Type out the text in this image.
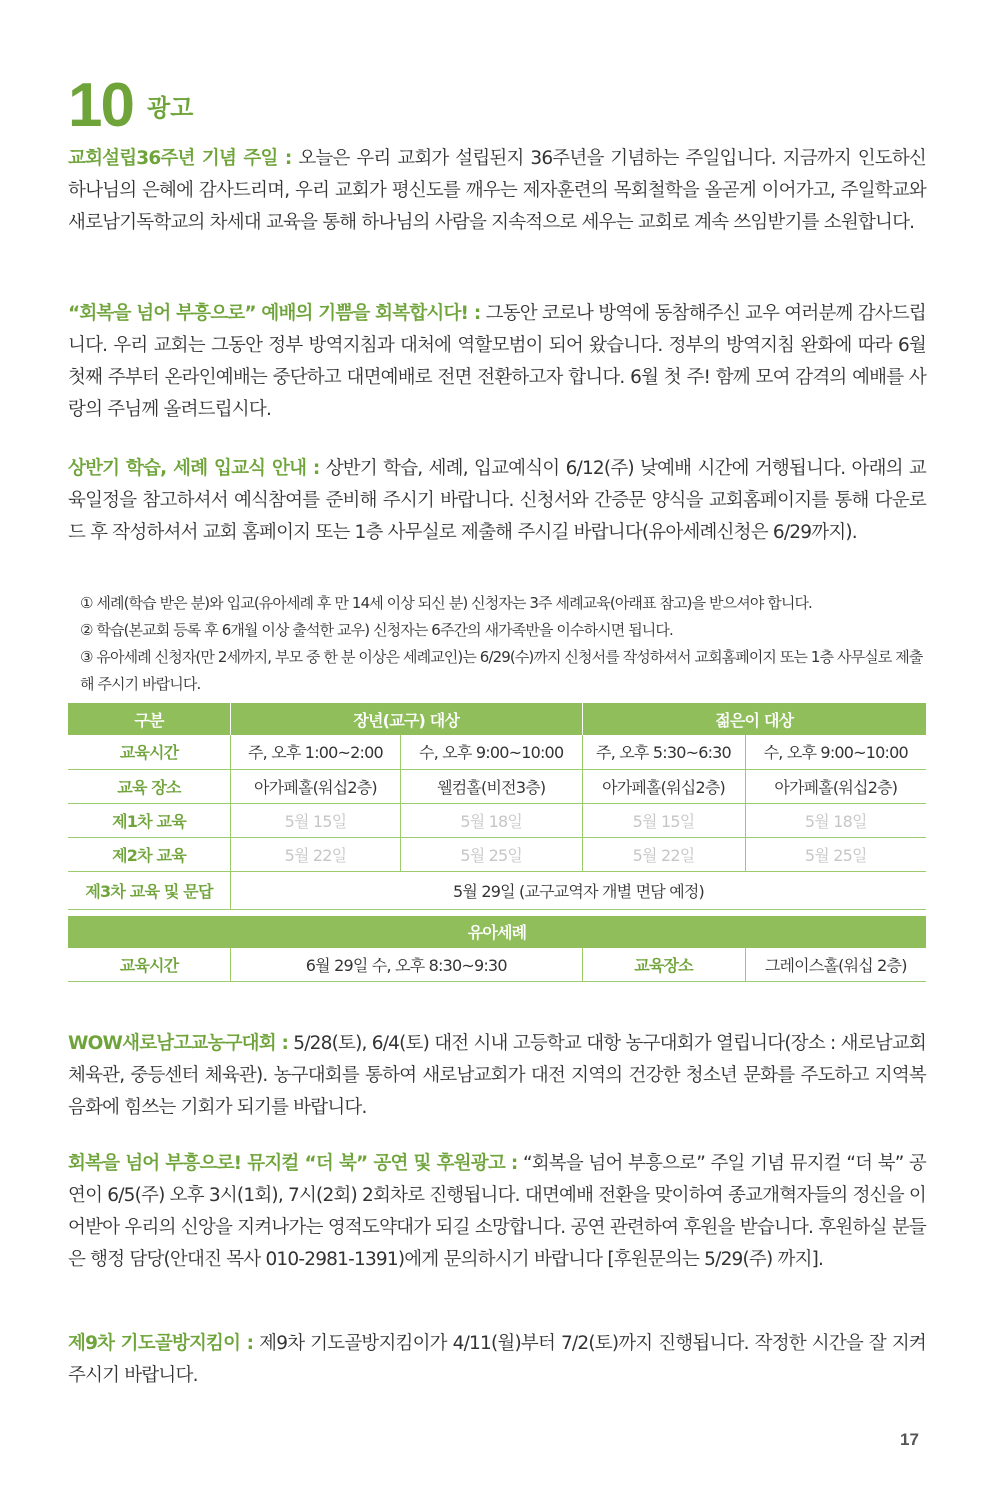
10 광고

교회설립36주년 기념 주일 : 오늘은 우리 교회가 설립된지 36주년을 기념하는 주일입니다. 지금까지 인도하신 하나님의 은혜에 감사드리며, 우리 교회가 평신도를 깨우는 제자훈련의 목회철학을 올곧게 이어가고, 주일학교와 새로남기독학교의 차세대 교육을 통해 하나님의 사람을 지속적으로 세우는 교회로 계속 쓰임받기를 소원합니다.

“회복을 넘어 부흥으로” 예배의 기쁨을 회복합시다! : 그동안 코로나 방역에 동참해주신 교우 여러분께 감사드립니다. 우리 교회는 그동안 정부 방역지침과 대처에 역할모범이 되어 왔습니다. 정부의 방역지침 완화에 따라 6월 첫째 주부터 온라인예배는 중단하고 대면예배로 전면 전환하고자 합니다. 6월 첫 주! 함께 모여 감격의 예배를 사랑의 주님께 올려드립시다.

상반기 학습, 세례 입교식 안내 : 상반기 학습, 세례, 입교예식이 6/12(주) 낮예배 시간에 거행됩니다. 아래의 교육일정을 참고하셔서 예식참여를 준비해 주시기 바랍니다. 신청서와 간증문 양식을 교회홈페이지를 통해 다운로드 후 작성하셔서 교회 홈페이지 또는 1층 사무실로 제출해 주시길 바랍니다(유아세례신청은 6/29까지).

① 세례(학습 받은 분)와 입교(유아세례 후 만 14세 이상 되신 분) 신청자는 3주 세례교육(아래표 참고)을 받으셔야 합니다.
② 학습(본교회 등록 후 6개월 이상 출석한 교우) 신청자는 6주간의 새가족반을 이수하시면 됩니다.
③ 유아세례 신청자(만 2세까지, 부모 중 한 분 이상은 세례교인)는 6/29(수)까지 신청서를 작성하셔서 교회홈페이지 또는 1층 사무실로 제출해 주시기 바랍니다.
구분	장년(교구) 대상		젊은이 대상	
교육시간	주, 오후 1:00~2:00	수, 오후 9:00~10:00	주, 오후 5:30~6:30	수, 오후 9:00~10:00
교육 장소	아가페홀(워십2층)	웰컴홀(비전3층)	아가페홀(워십2층)	아가페홀(워십2층)
제1차 교육	5월 15일	5월 18일	5월 15일	5월 18일
제2차 교육	5월 22일	5월 25일	5월 22일	5월 25일
제3차 교육 및 문답	5월 29일 (교구교역자 개별 면담 예정)			

유아세례				
교육시간	6월 29일 수, 오후 8:30~9:30		교육장소	그레이스홀(워십 2층)

WOW새로남고교농구대회 : 5/28(토), 6/4(토) 대전 시내 고등학교 대항 농구대회가 열립니다(장소 : 새로남교회 체육관, 중등센터 체육관). 농구대회를 통하여 새로남교회가 대전 지역의 건강한 청소년 문화를 주도하고 지역복음화에 힘쓰는 기회가 되기를 바랍니다.

회복을 넘어 부흥으로! 뮤지컬 “더 북” 공연 및 후원광고 : “회복을 넘어 부흥으로” 주일 기념 뮤지컬 “더 북” 공연이 6/5(주) 오후 3시(1회), 7시(2회) 2회차로 진행됩니다. 대면예배 전환을 맞이하여 종교개혁자들의 정신을 이어받아 우리의 신앙을 지켜나가는 영적도약대가 되길 소망합니다. 공연 관련하여 후원을 받습니다. 후원하실 분들은 행정 담당(안대진 목사 010-2981-1391)에게 문의하시기 바랍니다 [후원문의는 5/29(주) 까지].

제9차 기도골방지킴이 : 제9차 기도골방지킴이가 4/11(월)부터 7/2(토)까지 진행됩니다. 작정한 시간을 잘 지켜주시기 바랍니다.

17
